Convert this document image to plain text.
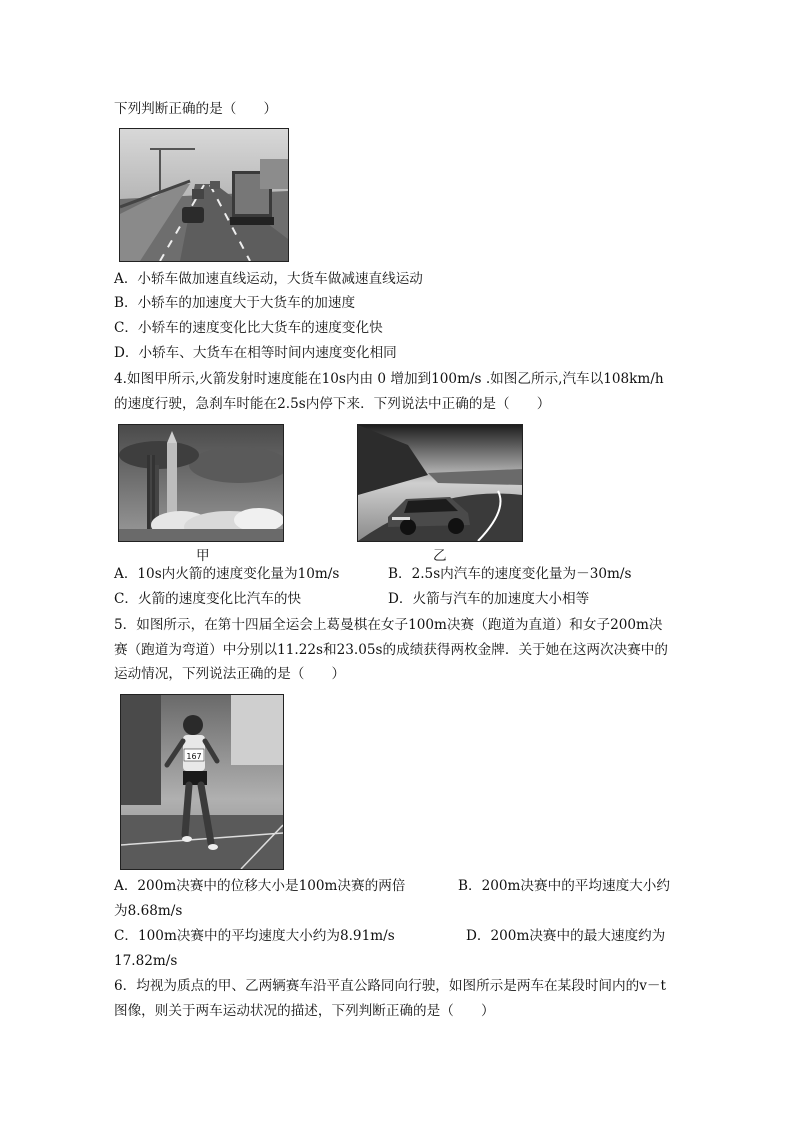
下列判断正确的是（　　）
A．小轿车做加速直线运动，大货车做减速直线运动
B．小轿车的加速度大于大货车的加速度
C．小轿车的速度变化比大货车的速度变化快
D．小轿车、大货车在相等时间内速度变化相同
4.如图甲所示,火箭发射时速度能在10s内由 0 增加到100m/s .如图乙所示,汽车以108km/h
的速度行驶，急刹车时能在2.5s内停下来．下列说法中正确的是（　　）
甲	乙
A．10s内火箭的速度变化量为10m/s	B．2.5s内汽车的速度变化量为－30m/s
C．火箭的速度变化比汽车的快	D．火箭与汽车的加速度大小相等
5．如图所示，在第十四届全运会上葛曼棋在女子100m决赛（跑道为直道）和女子200m决
赛（跑道为弯道）中分别以11.22s和23.05s的成绩获得两枚金牌．关于她在这两次决赛中的
运动情况，下列说法正确的是（　　）
167
A．200m决赛中的位移大小是100m决赛的两倍	B．200m决赛中的平均速度大小约
为8.68m/s
C．100m决赛中的平均速度大小约为8.91m/s	D．200m决赛中的最大速度约为
17.82m/s
6．均视为质点的甲、乙两辆赛车沿平直公路同向行驶，如图所示是两车在某段时间内的v－t
图像，则关于两车运动状况的描述，下列判断正确的是（　　）
